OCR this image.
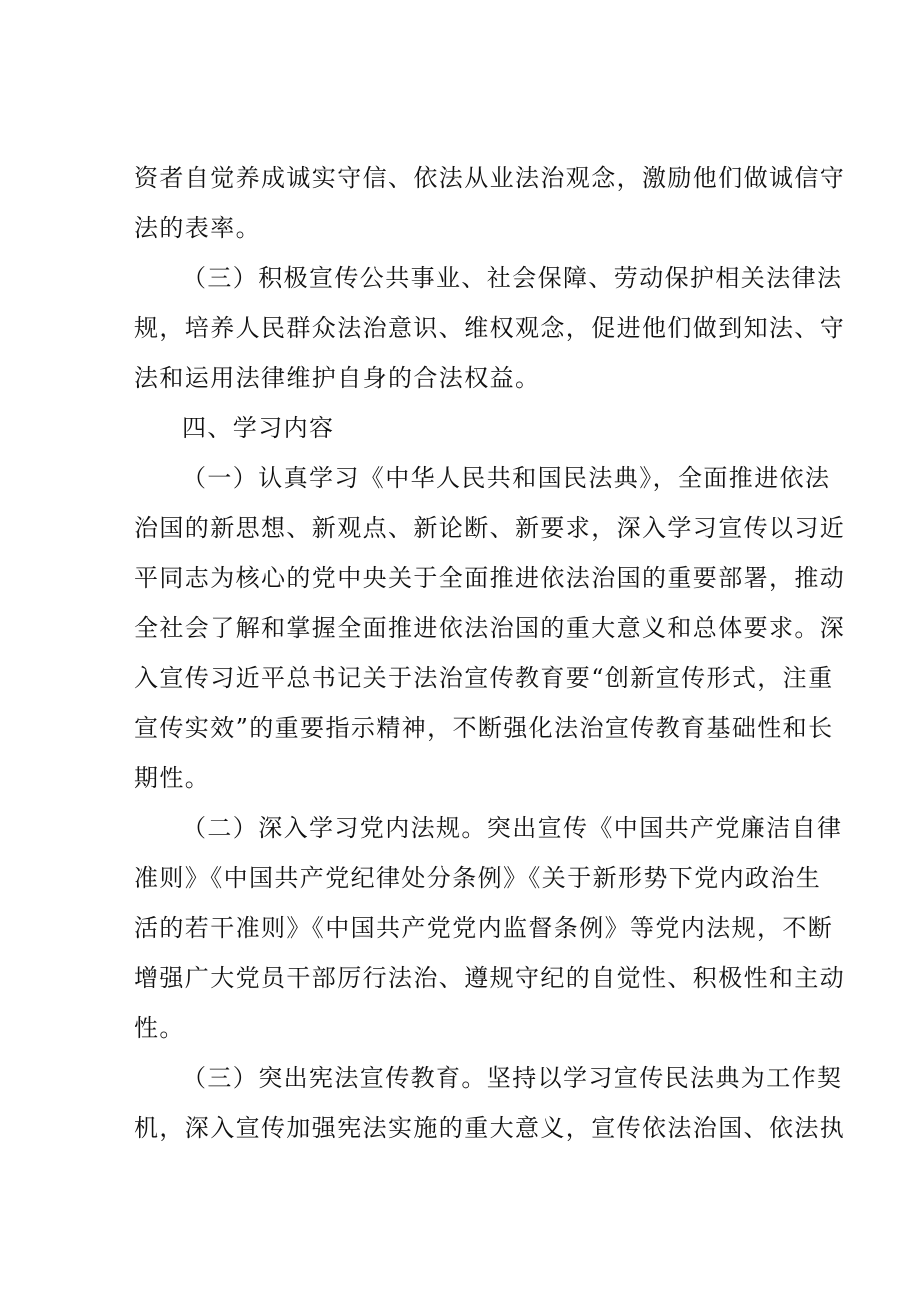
资者自觉养成诚实守信、依法从业法治观念，激励他们做诚信守
法的表率。
（三）积极宣传公共事业、社会保障、劳动保护相关法律法
规，培养人民群众法治意识、维权观念，促进他们做到知法、守
法和运用法律维护自身的合法权益。
四、学习内容
（一）认真学习《中华人民共和国民法典》，全面推进依法
治国的新思想、新观点、新论断、新要求，深入学习宣传以习近
平同志为核心的党中央关于全面推进依法治国的重要部署，推动
全社会了解和掌握全面推进依法治国的重大意义和总体要求。深
入宣传习近平总书记关于法治宣传教育要“创新宣传形式，注重
宣传实效”的重要指示精神，不断强化法治宣传教育基础性和长
期性。
（二）深入学习党内法规。突出宣传《中国共产党廉洁自律
准则》《中国共产党纪律处分条例》《关于新形势下党内政治生
活的若干准则》《中国共产党党内监督条例》等党内法规，不断
增强广大党员干部厉行法治、遵规守纪的自觉性、积极性和主动
性。
（三）突出宪法宣传教育。坚持以学习宣传民法典为工作契
机，深入宣传加强宪法实施的重大意义，宣传依法治国、依法执
